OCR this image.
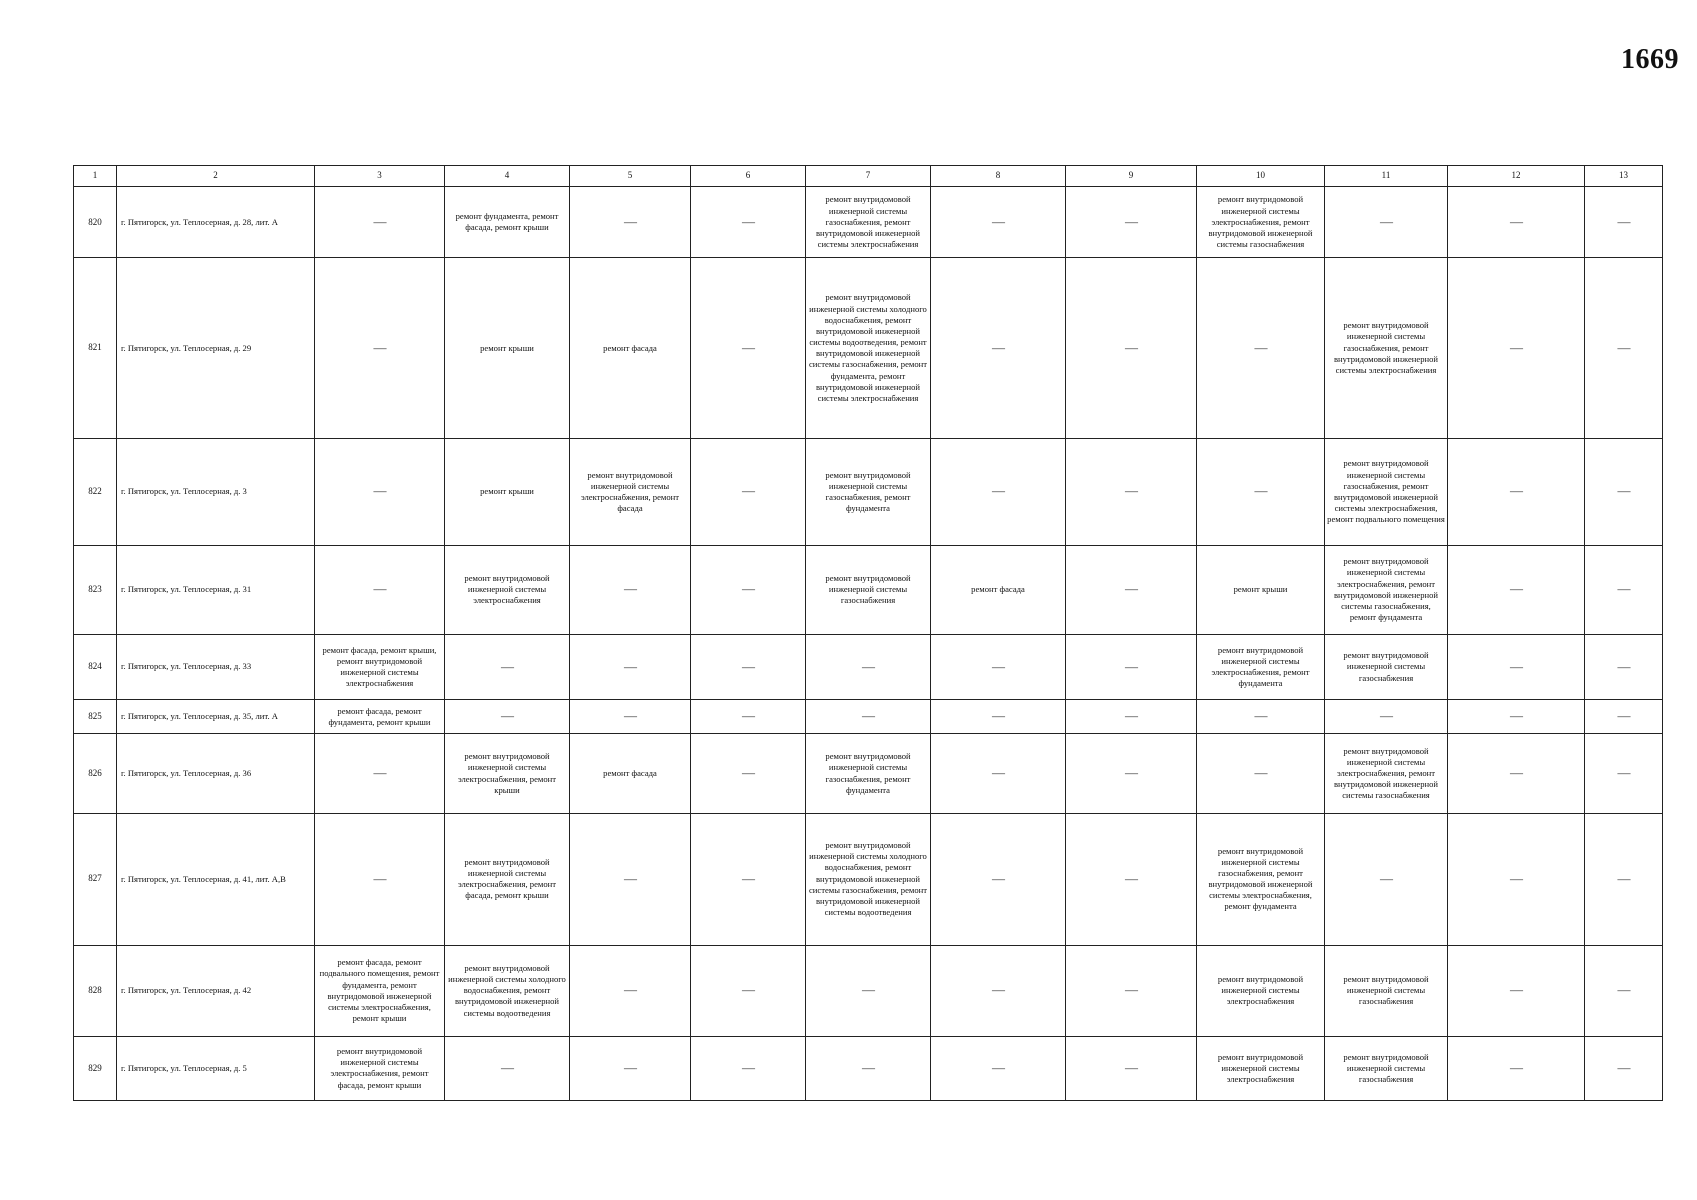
1669
1	2	3	4	5	6	7	8	9	10	11	12	13
820	г. Пятигорск, ул. Теплосерная, д. 28, лит. А	—	ремонт фундамента, ремонт фасада, ремонт крыши	—	—	ремонт внутридомовой инженерной системы газоснабжения, ремонт внутридомовой инженерной системы электроснабжения	—	—	ремонт внутридомовой инженерной системы электроснабжения, ремонт внутридомовой инженерной системы газоснабжения	—	—	—
821	г. Пятигорск, ул. Теплосерная, д. 29	—	ремонт крыши	ремонт фасада	—	ремонт внутридомовой инженерной системы холодного водоснабжения, ремонт внутридомовой инженерной системы водоотведения, ремонт внутридомовой инженерной системы газоснабжения, ремонт фундамента, ремонт внутридомовой инженерной системы электроснабжения	—	—	—	ремонт внутридомовой инженерной системы газоснабжения, ремонт внутридомовой инженерной системы электроснабжения	—	—
822	г. Пятигорск, ул. Теплосерная, д. 3	—	ремонт крыши	ремонт внутридомовой инженерной системы электроснабжения, ремонт фасада	—	ремонт внутридомовой инженерной системы газоснабжения, ремонт фундамента	—	—	—	ремонт внутридомовой инженерной системы газоснабжения, ремонт внутридомовой инженерной системы электроснабжения, ремонт подвального помещения	—	—
823	г. Пятигорск, ул. Теплосерная, д. 31	—	ремонт внутридомовой инженерной системы электроснабжения	—	—	ремонт внутридомовой инженерной системы газоснабжения	ремонт фасада	—	ремонт крыши	ремонт внутридомовой инженерной системы электроснабжения, ремонт внутридомовой инженерной системы газоснабжения, ремонт фундамента	—	—
824	г. Пятигорск, ул. Теплосерная, д. 33	ремонт фасада, ремонт крыши, ремонт внутридомовой инженерной системы электроснабжения	—	—	—	—	—	—	ремонт внутридомовой инженерной системы электроснабжения, ремонт фундамента	ремонт внутридомовой инженерной системы газоснабжения	—	—
825	г. Пятигорск, ул. Теплосерная, д. 35, лит. А	ремонт фасада, ремонт фундамента, ремонт крыши	—	—	—	—	—	—	—	—	—	—
826	г. Пятигорск, ул. Теплосерная, д. 36	—	ремонт внутридомовой инженерной системы электроснабжения, ремонт крыши	ремонт фасада	—	ремонт внутридомовой инженерной системы газоснабжения, ремонт фундамента	—	—	—	ремонт внутридомовой инженерной системы электроснабжения, ремонт внутридомовой инженерной системы газоснабжения	—	—
827	г. Пятигорск, ул. Теплосерная, д. 41, лит. А,В	—	ремонт внутридомовой инженерной системы электроснабжения, ремонт фасада, ремонт крыши	—	—	ремонт внутридомовой инженерной системы холодного водоснабжения, ремонт внутридомовой инженерной системы газоснабжения, ремонт внутридомовой инженерной системы водоотведения	—	—	ремонт внутридомовой инженерной системы газоснабжения, ремонт внутридомовой инженерной системы электроснабжения, ремонт фундамента	—	—	—
828	г. Пятигорск, ул. Теплосерная, д. 42	ремонт фасада, ремонт подвального помещения, ремонт фундамента, ремонт внутридомовой инженерной системы электроснабжения, ремонт крыши	ремонт внутридомовой инженерной системы холодного водоснабжения, ремонт внутридомовой инженерной системы водоотведения	—	—	—	—	—	ремонт внутридомовой инженерной системы электроснабжения	ремонт внутридомовой инженерной системы газоснабжения	—	—
829	г. Пятигорск, ул. Теплосерная, д. 5	ремонт внутридомовой инженерной системы электроснабжения, ремонт фасада, ремонт крыши	—	—	—	—	—	—	ремонт внутридомовой инженерной системы электроснабжения	ремонт внутридомовой инженерной системы газоснабжения	—	—
